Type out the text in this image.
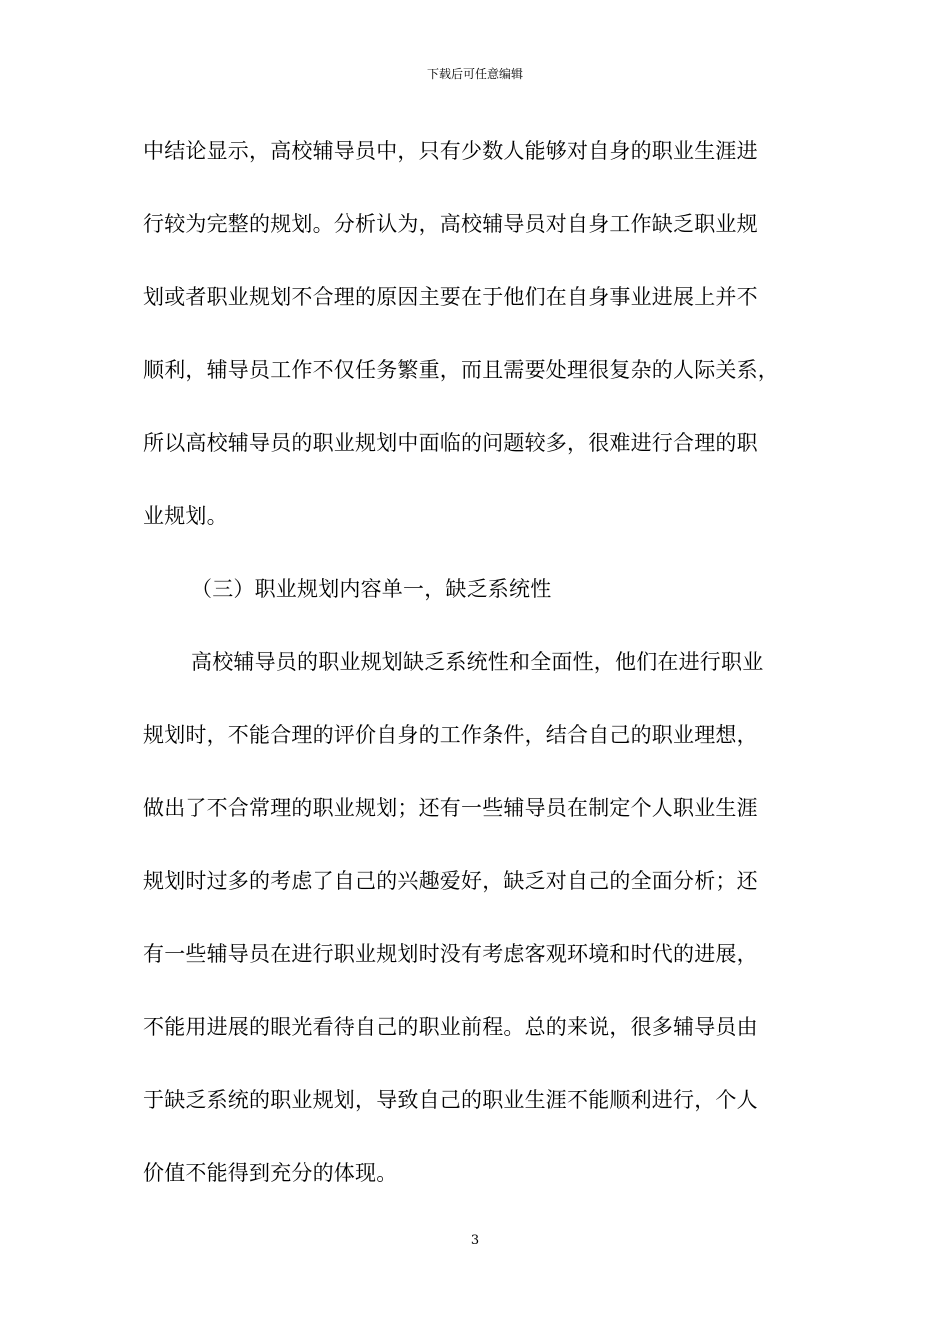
下载后可任意编辑
中结论显示，高校辅导员中，只有少数人能够对自身的职业生涯进
行较为完整的规划。分析认为，高校辅导员对自身工作缺乏职业规
划或者职业规划不合理的原因主要在于他们在自身事业进展上并不
顺利，辅导员工作不仅任务繁重，而且需要处理很复杂的人际关系，
所以高校辅导员的职业规划中面临的问题较多，很难进行合理的职
业规划。
（三）职业规划内容单一，缺乏系统性
高校辅导员的职业规划缺乏系统性和全面性，他们在进行职业
规划时，不能合理的评价自身的工作条件，结合自己的职业理想，
做出了不合常理的职业规划；还有一些辅导员在制定个人职业生涯
规划时过多的考虑了自己的兴趣爱好，缺乏对自己的全面分析；还
有一些辅导员在进行职业规划时没有考虑客观环境和时代的进展，
不能用进展的眼光看待自己的职业前程。总的来说，很多辅导员由
于缺乏系统的职业规划，导致自己的职业生涯不能顺利进行，个人
价值不能得到充分的体现。
3
